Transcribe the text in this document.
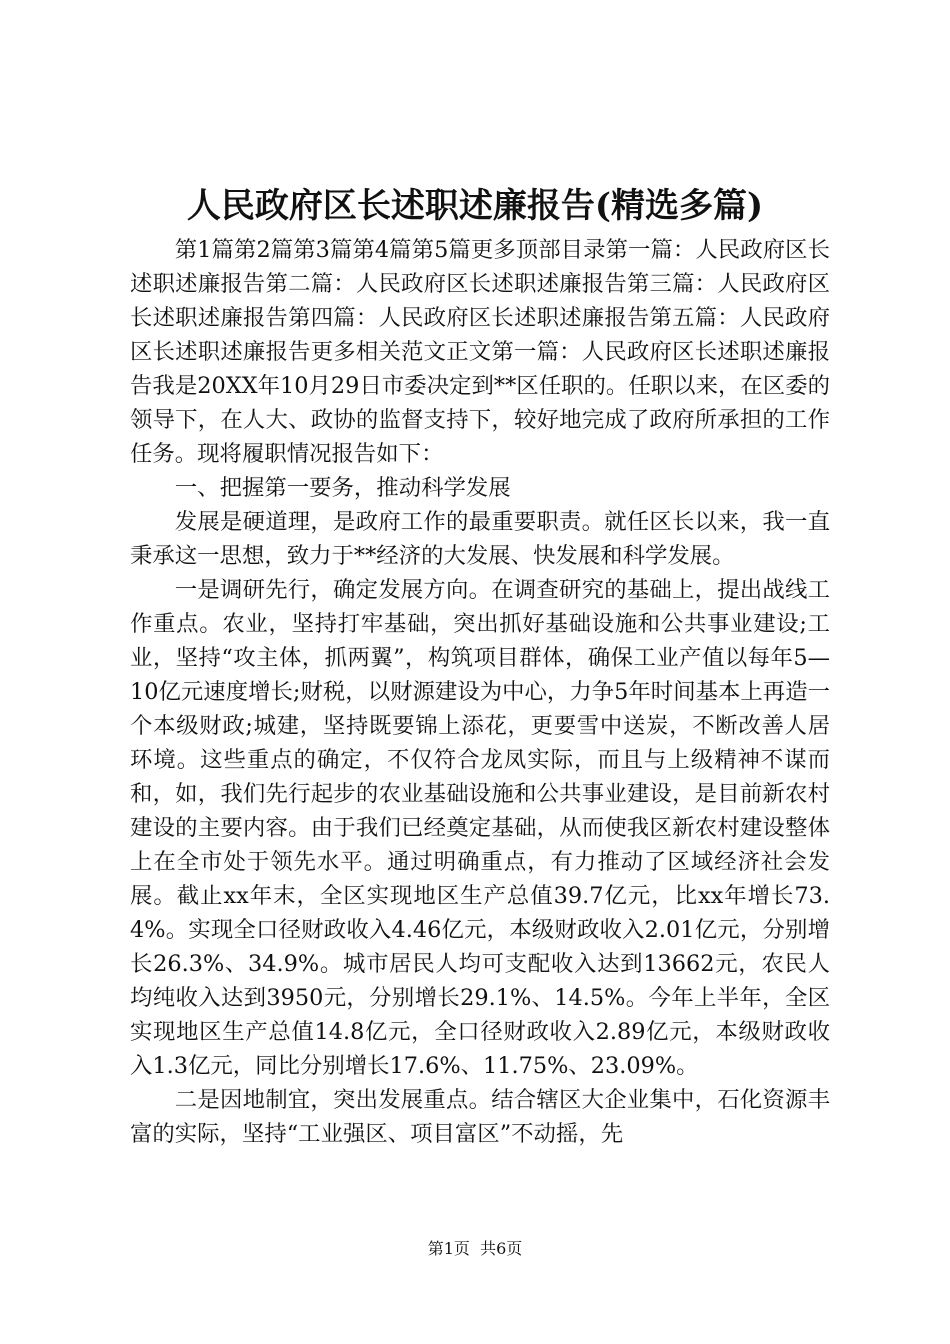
人民政府区长述职述廉报告(精选多篇)

第1篇第2篇第3篇第4篇第5篇更多顶部目录第一篇：人民政府区长述职述廉报告第二篇：人民政府区长述职述廉报告第三篇：人民政府区长述职述廉报告第四篇：人民政府区长述职述廉报告第五篇：人民政府区长述职述廉报告更多相关范文正文第一篇：人民政府区长述职述廉报告我是20XX年10月29日市委决定到**区任职的。任职以来，在区委的领导下，在人大、政协的监督支持下，较好地完成了政府所承担的工作任务。现将履职情况报告如下：

一、把握第一要务，推动科学发展

发展是硬道理，是政府工作的最重要职责。就任区长以来，我一直秉承这一思想，致力于**经济的大发展、快发展和科学发展。

一是调研先行，确定发展方向。在调查研究的基础上，提出战线工作重点。农业，坚持打牢基础，突出抓好基础设施和公共事业建设;工业，坚持“攻主体，抓两翼”，构筑项目群体，确保工业产值以每年5—10亿元速度增长;财税，以财源建设为中心，力争5年时间基本上再造一个本级财政;城建，坚持既要锦上添花，更要雪中送炭，不断改善人居环境。这些重点的确定，不仅符合龙凤实际，而且与上级精神不谋而和，如，我们先行起步的农业基础设施和公共事业建设，是目前新农村建设的主要内容。由于我们已经奠定基础，从而使我区新农村建设整体上在全市处于领先水平。通过明确重点，有力推动了区域经济社会发展。截止xx年末，全区实现地区生产总值39.7亿元，比xx年增长73.4%。实现全口径财政收入4.46亿元，本级财政收入2.01亿元，分别增长26.3%、34.9%。城市居民人均可支配收入达到13662元，农民人均纯收入达到3950元，分别增长29.1%、14.5%。今年上半年，全区实现地区生产总值14.8亿元，全口径财政收入2.89亿元，本级财政收入1.3亿元，同比分别增长17.6%、11.75%、23.09%。

二是因地制宜，突出发展重点。结合辖区大企业集中，石化资源丰富的实际，坚持“工业强区、项目富区”不动摇，先

第1页  共6页
